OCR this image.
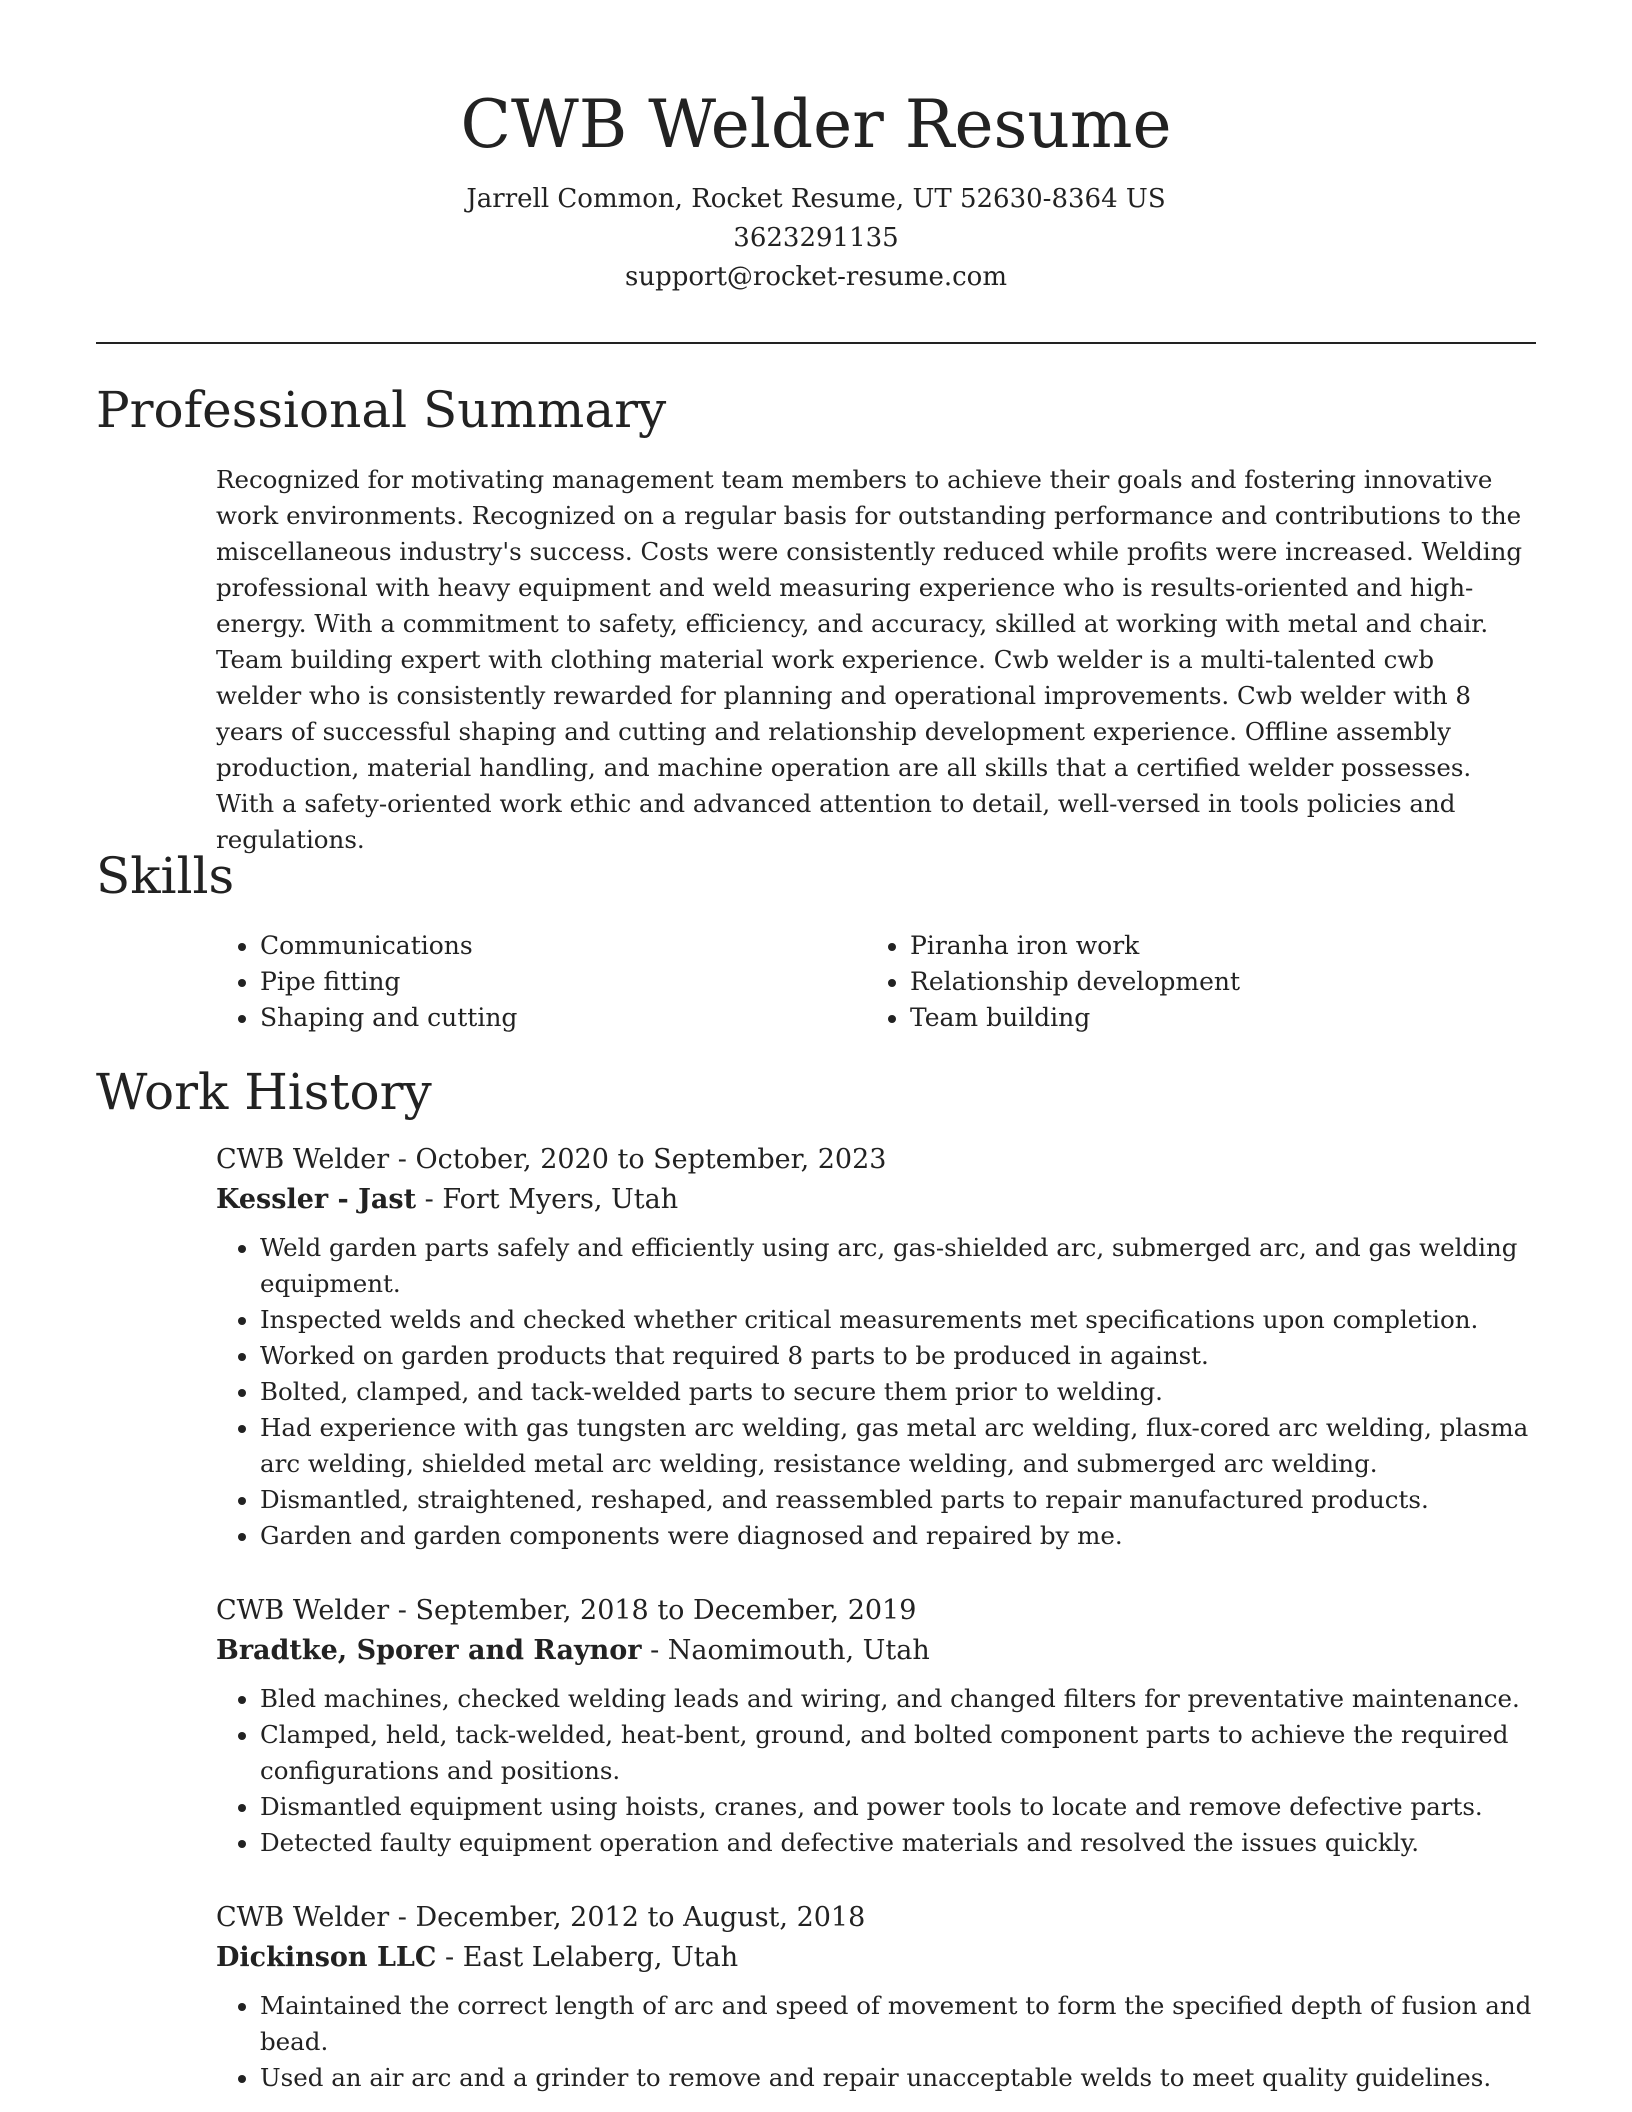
CWB Welder Resume

Jarrell Common, Rocket Resume, UT 52630-8364 US

3623291135

support@rocket-resume.com

Professional Summary

Recognized for motivating management team members to achieve their goals and fostering innovative work environments. Recognized on a regular basis for outstanding performance and contributions to the miscellaneous industry's success. Costs were consistently reduced while profits were increased. Welding professional with heavy equipment and weld measuring experience who is results-oriented and high-energy. With a commitment to safety, efficiency, and accuracy, skilled at working with metal and chair. Team building expert with clothing material work experience. Cwb welder is a multi-talented cwb welder who is consistently rewarded for planning and operational improvements. Cwb welder with 8 years of successful shaping and cutting and relationship development experience. Offline assembly production, material handling, and machine operation are all skills that a certified welder possesses. With a safety-oriented work ethic and advanced attention to detail, well-versed in tools policies and regulations.

Skills
• Communications
• Pipe fitting
• Shaping and cutting
• Piranha iron work
• Relationship development
• Team building
Work History

CWB Welder - October, 2020 to September, 2023

Kessler - Jast - Fort Myers, Utah

• Weld garden parts safely and efficiently using arc, gas-shielded arc, submerged arc, and gas welding equipment.
• Inspected welds and checked whether critical measurements met specifications upon completion.
• Worked on garden products that required 8 parts to be produced in against.
• Bolted, clamped, and tack-welded parts to secure them prior to welding.
• Had experience with gas tungsten arc welding, gas metal arc welding, flux-cored arc welding, plasma arc welding, shielded metal arc welding, resistance welding, and submerged arc welding.
• Dismantled, straightened, reshaped, and reassembled parts to repair manufactured products.
• Garden and garden components were diagnosed and repaired by me.

CWB Welder - September, 2018 to December, 2019

Bradtke, Sporer and Raynor - Naomimouth, Utah

• Bled machines, checked welding leads and wiring, and changed filters for preventative maintenance.
• Clamped, held, tack-welded, heat-bent, ground, and bolted component parts to achieve the required configurations and positions.
• Dismantled equipment using hoists, cranes, and power tools to locate and remove defective parts.
• Detected faulty equipment operation and defective materials and resolved the issues quickly.

CWB Welder - December, 2012 to August, 2018

Dickinson LLC - East Lelaberg, Utah

• Maintained the correct length of arc and speed of movement to form the specified depth of fusion and bead.
• Used an air arc and a grinder to remove and repair unacceptable welds to meet quality guidelines.
